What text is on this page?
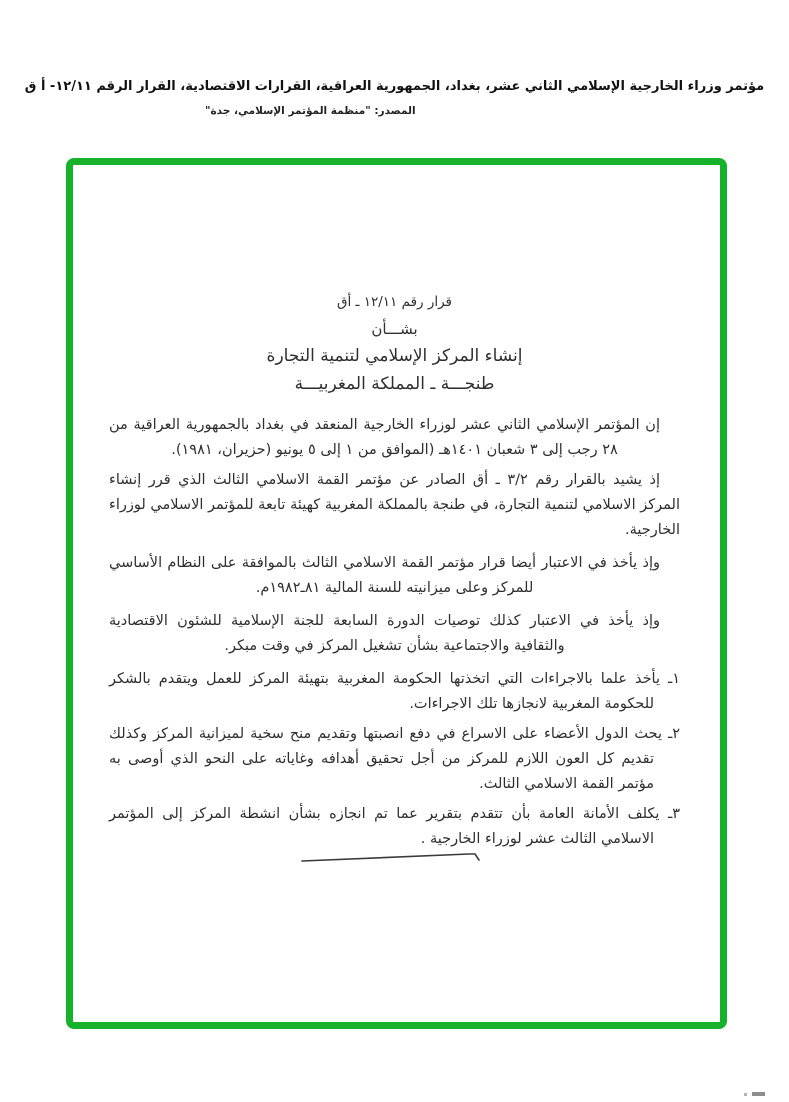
مؤتمر وزراء الخارجية الإسلامي الثاني عشر، بغداد، الجمهورية العراقية، القرارات الاقتصادية، القرار الرقم ١٢/١١- أ ق
المصدر: "منظمة المؤتمر الإسلامي، جدة"
قرار رقم ١٢/١١ ـ أق
بشـــأن
إنشاء المركز الإسلامي لتنمية التجارة
طنجـــة ـ المملكة المغربيـــة

إن المؤتمر الإسلامي الثاني عشر لوزراء الخارجية المنعقد في بغداد بالجمهورية العراقية من ٢٨ رجب إلى ٣ شعبان ١٤٠١هـ (الموافق من ١ إلى ٥ يونيو (حزيران، ١٩٨١).

إذ يشيد بالقرار رقم ٣/٢ ـ أق الصادر عن مؤتمر القمة الاسلامي الثالث الذي قرر إنشاء المركز الاسلامي لتنمية التجارة، في طنجة بالمملكة المغربية كهيئة تابعة للمؤتمر الاسلامي لوزراء الخارجية.

وإذ يأخذ في الاعتبار أيضا قرار مؤتمر القمة الاسلامي الثالث بالموافقة على النظام الأساسي للمركز وعلى ميزانيته للسنة المالية ٨١ـ١٩٨٢م.

وإذ يأخذ في الاعتبار كذلك توصيات الدورة السابعة للجنة الإسلامية للشئون الاقتصادية والثقافية والاجتماعية بشأن تشغيل المركز في وقت مبكر.

١ـ يأخذ علما بالاجراءات التي اتخذتها الحكومة المغربية بتهيئة المركز للعمل ويتقدم بالشكر للحكومة المغربية لانجازها تلك الاجراءات.

٢ـ يحث الدول الأعضاء على الاسراع في دفع انصبتها وتقديم منح سخية لميزانية المركز وكذلك تقديم كل العون اللازم للمركز من أجل تحقيق أهدافه وغاياته على النحو الذي أوصى به مؤتمر القمة الاسلامي الثالث.

٣ـ يكلف الأمانة العامة بأن تتقدم بتقرير عما تم انجازه بشأن انشطة المركز إلى المؤتمر الاسلامي الثالث عشر لوزراء الخارجية .
